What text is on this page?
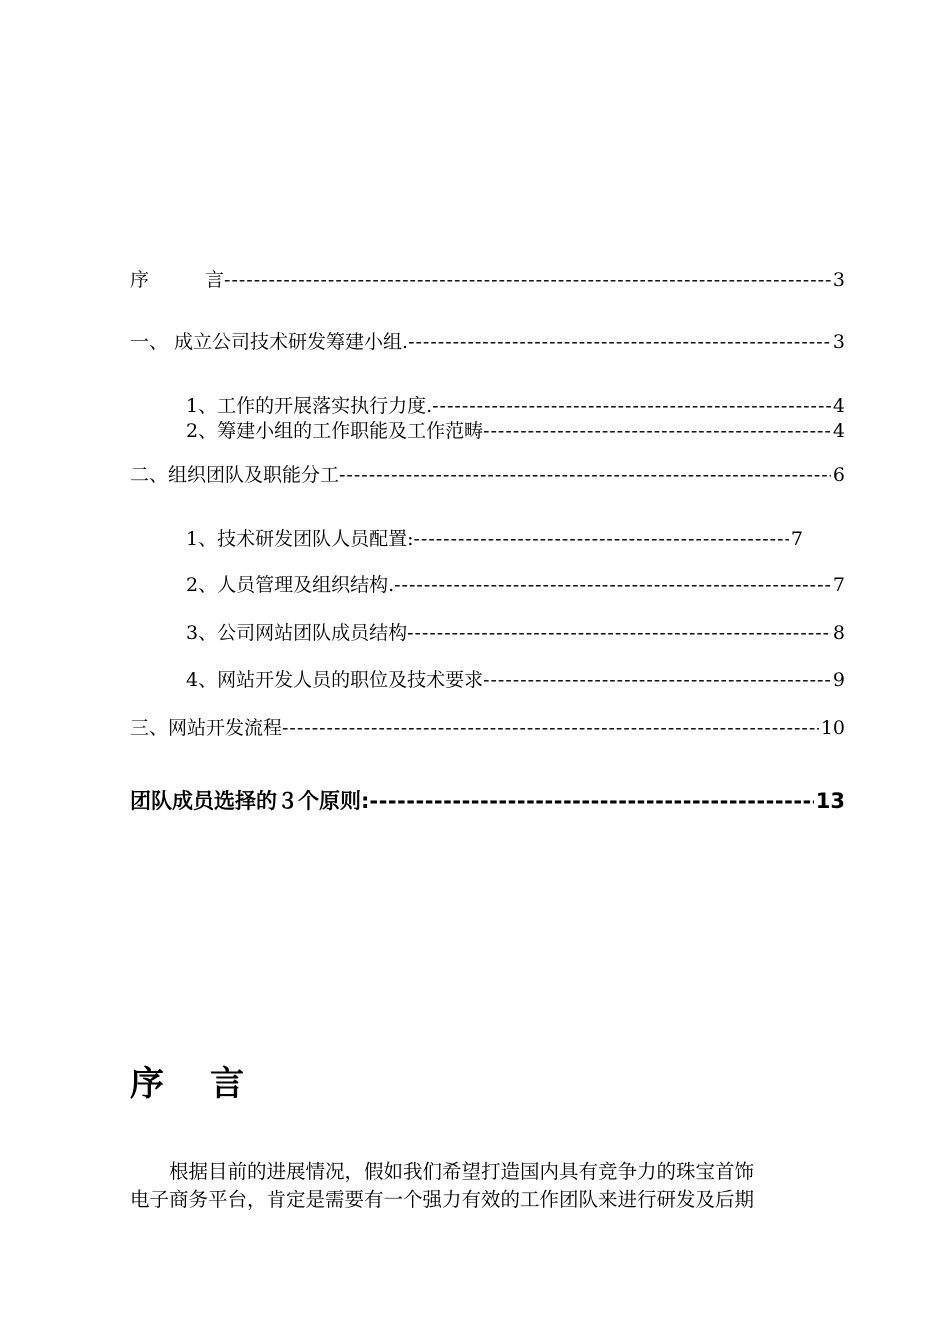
序	言 -----	3
一、 成立公司技术研发筹建小组. -----	3
1、工作的开展落实执行力度. -----	4
2、筹建小组的工作职能及工作范畴 -----	4
二、组织团队及职能分工 -----	6
1、技术研发团队人员配置: -----	7
2、人员管理及组织结构. -----	7
3、公司网站团队成员结构 -----	8
4、网站开发人员的职位及技术要求 -----	9
三、网站开发流程 -----	10
团队成员选择的３个原则: -----	13
序 言
　　根据目前的进展情况，假如我们希望打造国内具有竞争力的珠宝首饰
电子商务平台，肯定是需要有一个强力有效的工作团队来进行研发及后期
